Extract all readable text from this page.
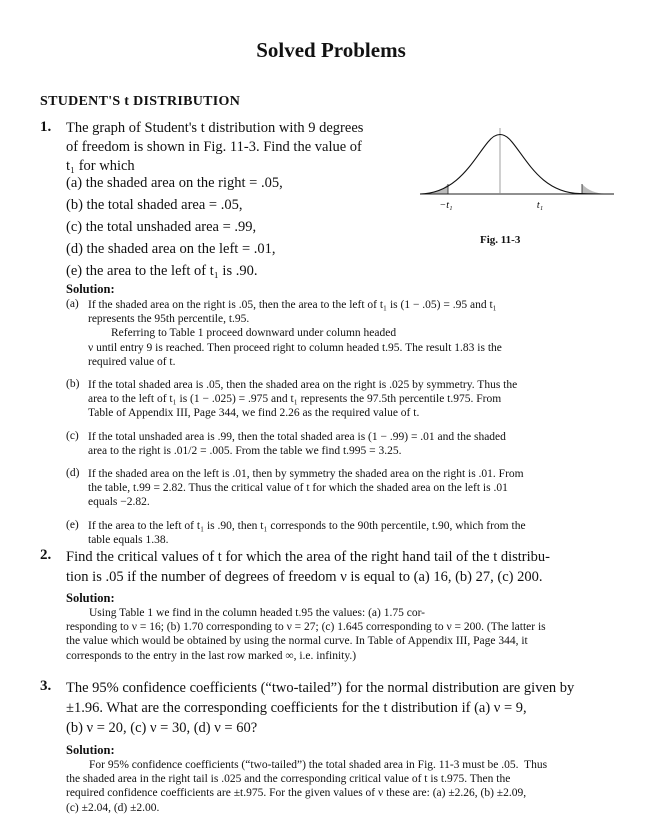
Solved Problems
STUDENT'S t DISTRIBUTION
1. The graph of Student's t distribution with 9 degrees
of freedom is shown in Fig. 11-3. Find the value of
t₁ for which
(a) the shaded area on the right = .05,
(b) the total shaded area = .05,
(c) the total unshaded area = .99,
(d) the shaded area on the left = .01,
(e) the area to the left of t₁ is .90.
−t₁	t₁
Fig. 11-3
Solution:
(a) If the shaded area on the right is .05, then the area to the left of t₁ is (1 − .05) = .95 and t₁
represents the 95th percentile, t.95.
Referring to Table 1 proceed downward under column headed
ν until entry 9 is reached. Then proceed right to column headed t.95. The result 1.83 is the
required value of t.
(b) If the total shaded area is .05, then the shaded area on the right is .025 by symmetry. Thus the
area to the left of t₁ is (1 − .025) = .975 and t₁ represents the 97.5th percentile t.975. From
Table of Appendix III, Page 344, we find 2.26 as the required value of t.
(c) If the total unshaded area is .99, then the total shaded area is (1 − .99) = .01 and the shaded
area to the right is .01/2 = .005. From the table we find t.995 = 3.25.
(d) If the shaded area on the left is .01, then by symmetry the shaded area on the right is .01. From
the table, t.99 = 2.82. Thus the critical value of t for which the shaded area on the left is .01
equals −2.82.
(e) If the area to the left of t₁ is .90, then t₁ corresponds to the 90th percentile, t.90, which from the
table equals 1.38.
2. Find the critical values of t for which the area of the right hand tail of the t distribu-
tion is .05 if the number of degrees of freedom ν is equal to (a) 16, (b) 27, (c) 200.
Solution:
Using Table 1 we find in the column headed t.95 the values: (a) 1.75 cor-
responding to ν = 16; (b) 1.70 corresponding to ν = 27; (c) 1.645 corresponding to ν = 200. (The latter is
the value which would be obtained by using the normal curve. In Table of Appendix III, Page 344, it
corresponds to the entry in the last row marked ∞, i.e. infinity.)
3. The 95% confidence coefficients (“two-tailed”) for the normal distribution are given by
±1.96. What are the corresponding coefficients for the t distribution if (a) ν = 9,
(b) ν = 20, (c) ν = 30, (d) ν = 60?
Solution:
For 95% confidence coefficients (“two-tailed”) the total shaded area in Fig. 11-3 must be .05.  Thus
the shaded area in the right tail is .025 and the corresponding critical value of t is t.975. Then the
required confidence coefficients are ±t.975. For the given values of ν these are: (a) ±2.26, (b) ±2.09,
(c) ±2.04, (d) ±2.00.
